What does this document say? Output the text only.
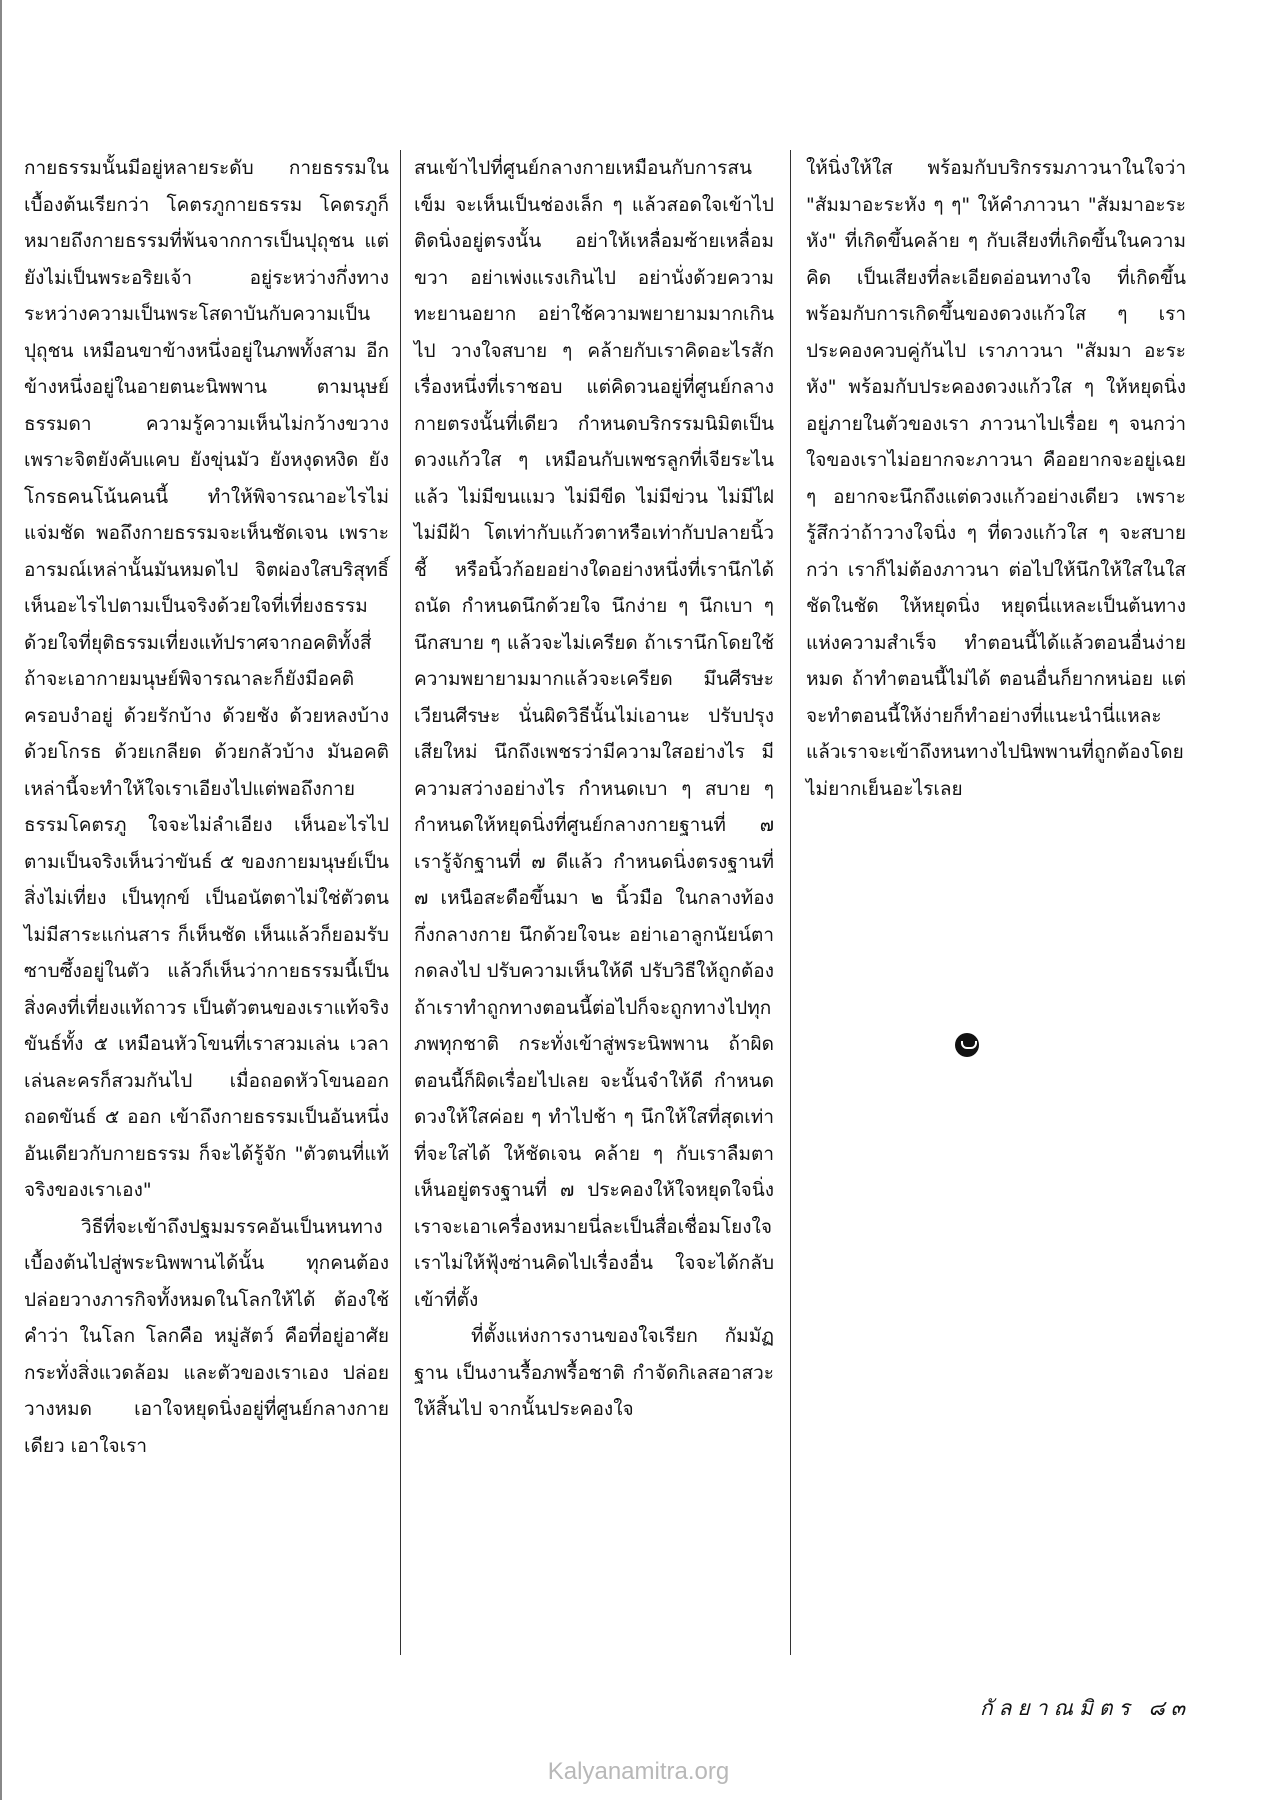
กายธรรมนั้นมีอยู่หลายระดับ กายธรรมในเบื้องต้นเรียกว่า โคตรภูกายธรรม โคตรภูก็หมายถึงกายธรรมที่พ้นจากการเป็นปุถุชน แต่ยังไม่เป็นพระอริยเจ้า อยู่ระหว่างกึ่งทางระหว่างความเป็นพระโสดาบันกับความเป็นปุถุชน เหมือนขาข้างหนึ่งอยู่ในภพทั้งสาม อีกข้างหนึ่งอยู่ในอายตนะนิพพาน ตามนุษย์ธรรมดา ความรู้ความเห็นไม่กว้างขวาง เพราะจิตยังคับแคบ ยังขุ่นมัว ยังหงุดหงิด ยังโกรธคนโน้นคนนี้ ทำให้พิจารณาอะไรไม่แจ่มชัด พอถึงกายธรรมจะเห็นชัดเจน เพราะอารมณ์เหล่านั้นมันหมดไป จิตผ่องใสบริสุทธิ์ เห็นอะไรไปตามเป็นจริงด้วยใจที่เที่ยงธรรม ด้วยใจที่ยุติธรรมเที่ยงแท้ปราศจากอคติทั้งสี่ ถ้าจะเอากายมนุษย์พิจารณาละก็ยังมีอคติครอบงำอยู่ ด้วยรักบ้าง ด้วยชัง ด้วยหลงบ้าง ด้วยโกรธ ด้วยเกลียด ด้วยกลัวบ้าง มันอคติเหล่านี้จะทำให้ใจเราเอียงไปแต่พอถึงกายธรรมโคตรภู ใจจะไม่ลำเอียง เห็นอะไรไปตามเป็นจริงเห็นว่าขันธ์ ๕ ของกายมนุษย์เป็นสิ่งไม่เที่ยง เป็นทุกข์ เป็นอนัตตาไม่ใช่ตัวตน ไม่มีสาระแก่นสาร ก็เห็นชัด เห็นแล้วก็ยอมรับ ซาบซึ้งอยู่ในตัว แล้วก็เห็นว่ากายธรรมนี้เป็นสิ่งคงที่เที่ยงแท้ถาวร เป็นตัวตนของเราแท้จริง ขันธ์ทั้ง ๕ เหมือนหัวโขนที่เราสวมเล่น เวลาเล่นละครก็สวมกันไป เมื่อถอดหัวโขนออก ถอดขันธ์ ๕ ออก เข้าถึงกายธรรมเป็นอันหนึ่งอันเดียวกับกายธรรม ก็จะได้รู้จัก "ตัวตนที่แท้จริงของเราเอง"

วิธีที่จะเข้าถึงปฐมมรรคอันเป็นหนทางเบื้องต้นไปสู่พระนิพพานได้นั้น ทุกคนต้องปล่อยวางภารกิจทั้งหมดในโลกให้ได้ ต้องใช้คำว่า ในโลก โลกคือ หมู่สัตว์ คือที่อยู่อาศัย กระทั่งสิ่งแวดล้อม และตัวของเราเอง ปล่อยวางหมด เอาใจหยุดนิ่งอยู่ที่ศูนย์กลางกายเดียว เอาใจเรา

สนเข้าไปที่ศูนย์กลางกายเหมือนกับการสนเข็ม จะเห็นเป็นช่องเล็ก ๆ แล้วสอดใจเข้าไปติดนิ่งอยู่ตรงนั้น อย่าให้เหลื่อมซ้ายเหลื่อมขวา อย่าเพ่งแรงเกินไป อย่านั่งด้วยความทะยานอยาก อย่าใช้ความพยายามมากเกินไป วางใจสบาย ๆ คล้ายกับเราคิดอะไรสักเรื่องหนึ่งที่เราชอบ แต่คิดวนอยู่ที่ศูนย์กลางกายตรงนั้นที่เดียว กำหนดบริกรรมนิมิตเป็นดวงแก้วใส ๆ เหมือนกับเพชรลูกที่เจียระไนแล้ว ไม่มีขนแมว ไม่มีขีด ไม่มีข่วน ไม่มีไฝ ไม่มีฝ้า โตเท่ากับแก้วตาหรือเท่ากับปลายนิ้วชี้ หรือนิ้วก้อยอย่างใดอย่างหนึ่งที่เรานึกได้ถนัด กำหนดนึกด้วยใจ นึกง่าย ๆ นึกเบา ๆ นึกสบาย ๆ แล้วจะไม่เครียด ถ้าเรานึกโดยใช้ความพยายามมากแล้วจะเครียด มึนศีรษะ เวียนศีรษะ นั่นผิดวิธีนั้นไม่เอานะ ปรับปรุงเสียใหม่ นึกถึงเพชรว่ามีความใสอย่างไร มีความสว่างอย่างไร กำหนดเบา ๆ สบาย ๆ กำหนดให้หยุดนิ่งที่ศูนย์กลางกายฐานที่ ๗ เรารู้จักฐานที่ ๗ ดีแล้ว กำหนดนิ่งตรงฐานที่ ๗ เหนือสะดือขึ้นมา ๒ นิ้วมือ ในกลางท้องกึ่งกลางกาย นึกด้วยใจนะ อย่าเอาลูกนัยน์ตากดลงไป ปรับความเห็นให้ดี ปรับวิธีให้ถูกต้อง ถ้าเราทำถูกทางตอนนี้ต่อไปก็จะถูกทางไปทุกภพทุกชาติ กระทั่งเข้าสู่พระนิพพาน ถ้าผิดตอนนี้ก็ผิดเรื่อยไปเลย จะนั้นจำให้ดี กำหนดดวงให้ใสค่อย ๆ ทำไปช้า ๆ นึกให้ใสที่สุดเท่าที่จะใสได้ ให้ชัดเจน คล้าย ๆ กับเราลืมตาเห็นอยู่ตรงฐานที่ ๗ ประคองให้ใจหยุดใจนิ่ง เราจะเอาเครื่องหมายนี่ละเป็นสื่อเชื่อมโยงใจเราไม่ให้ฟุ้งซ่านคิดไปเรื่องอื่น ใจจะได้กลับเข้าที่ตั้ง

ที่ตั้งแห่งการงานของใจเรียก กัมมัฏฐาน เป็นงานรื้อภพรื้อชาติ กำจัดกิเลสอาสวะให้สิ้นไป จากนั้นประคองใจ

ให้นิ่งให้ใส พร้อมกับบริกรรมภาวนาในใจว่า "สัมมาอะระหัง ๆ ๆ" ให้คำภาวนา "สัมมาอะระหัง" ที่เกิดขึ้นคล้าย ๆ กับเสียงที่เกิดขึ้นในความคิด เป็นเสียงที่ละเอียดอ่อนทางใจ ที่เกิดขึ้นพร้อมกับการเกิดขึ้นของดวงแก้วใส ๆ เราประคองควบคู่กันไป เราภาวนา "สัมมา อะระหัง" พร้อมกับประคองดวงแก้วใส ๆ ให้หยุดนิ่งอยู่ภายในตัวของเรา ภาวนาไปเรื่อย ๆ จนกว่าใจของเราไม่อยากจะภาวนา คืออยากจะอยู่เฉย ๆ อยากจะนึกถึงแต่ดวงแก้วอย่างเดียว เพราะรู้สึกว่าถ้าวางใจนิ่ง ๆ ที่ดวงแก้วใส ๆ จะสบายกว่า เราก็ไม่ต้องภาวนา ต่อไปให้นึกให้ใสในใสชัดในชัด ให้หยุดนิ่ง หยุดนี่แหละเป็นต้นทางแห่งความสำเร็จ ทำตอนนี้ได้แล้วตอนอื่นง่ายหมด ถ้าทำตอนนี้ไม่ได้ ตอนอื่นก็ยากหน่อย แต่จะทำตอนนี้ให้ง่ายก็ทำอย่างที่แนะนำนี่แหละ แล้วเราจะเข้าถึงหนทางไปนิพพานที่ถูกต้องโดยไม่ยากเย็นอะไรเลย

กัลยาณมิตร ๘๓
Kalyanamitra.org
